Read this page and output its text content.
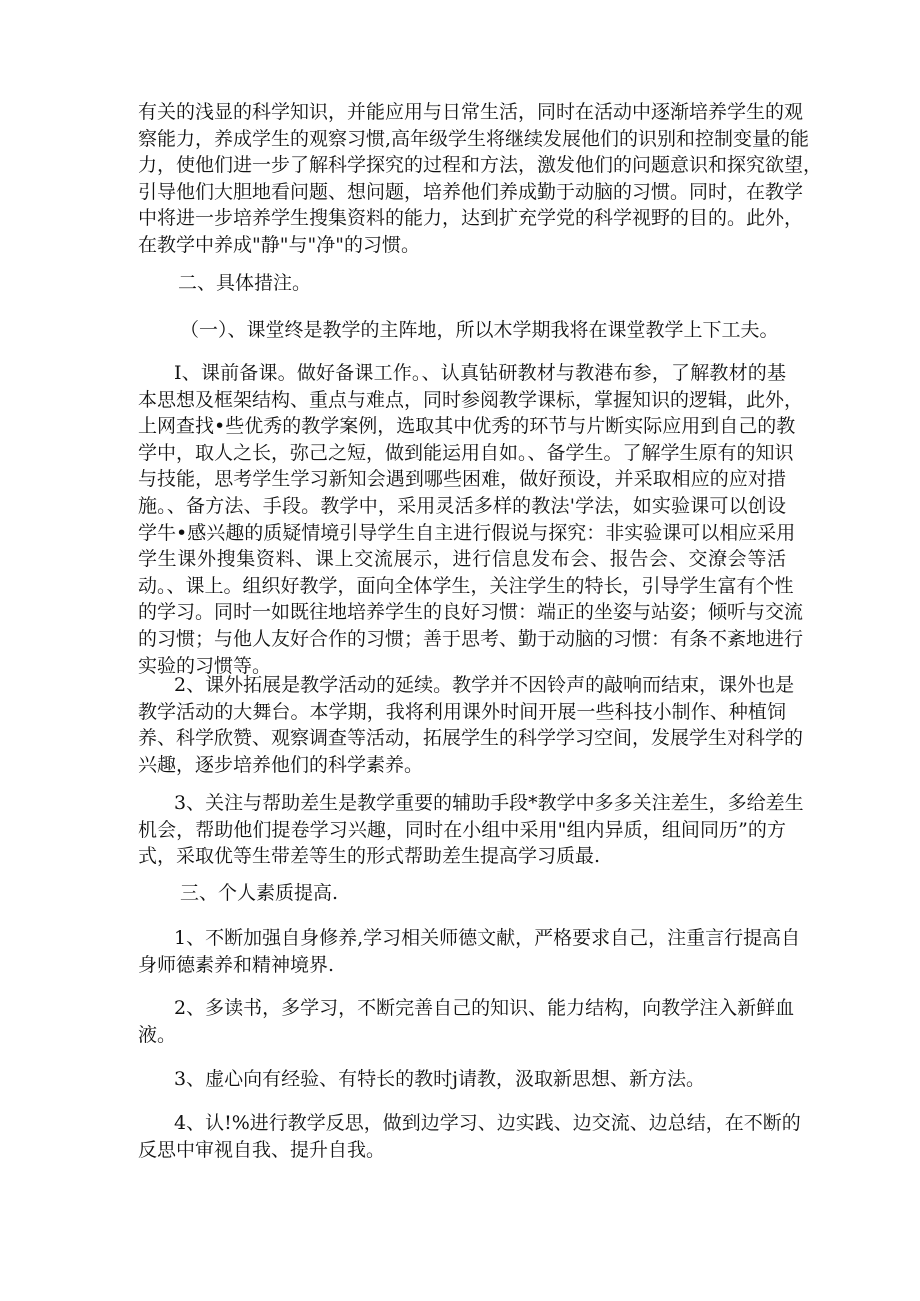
有关的浅显的科学知识，并能应用与日常生活，同时在活动中逐渐培养学生的观
察能力，养成学生的观察习惯,高年级学生将继续发展他们的识别和控制变量的能
力，使他们进一步了解科学探究的过程和方法，激发他们的问题意识和探究欲望，
引导他们大胆地看问题、想问题，培养他们养成勤于动脑的习惯。同时，在教学
中将进一步培养学生搜集资料的能力，达到扩充学党的科学视野的目的。此外，
在教学中养成"静"与"净"的习惯。
二、具体措注。
（一）、课堂终是教学的主阵地，所以木学期我将在课堂教学上下工夫。
I、课前备课。做好备课工作。、认真钻研教材与教港布参，了解教材的基
本思想及框架结构、重点与难点，同时参阅教学课标，掌握知识的逻辑，此外，
上网查找•些优秀的教学案例，选取其中优秀的环节与片断实际应用到自己的教
学中，取人之长，弥己之短，做到能运用自如。、备学生。了解学生原有的知识
与技能，思考学生学习新知会遇到哪些困难，做好预设，并采取相应的应对措
施。、备方法、手段。教学中，采用灵活多样的教法'学法，如实验课可以创设
学牛•感兴趣的质疑情境引导学生自主进行假说与探究：非实验课可以相应采用
学生课外搜集资料、课上交流展示，进行信息发布会、报告会、交潦会等活
动。、课上。组织好教学，面向全体学生，关注学生的特长，引导学生富有个性
的学习。同时一如既往地培养学生的良好习惯：端正的坐姿与站姿；倾听与交流
的习惯；与他人友好合作的习惯；善于思考、勤于动脑的习惯：有条不紊地进行
实验的习惯等。
2、课外拓展是教学活动的延续。教学并不因铃声的敲响而结束，课外也是
教学活动的大舞台。本学期，我将利用课外时间开展一些科技小制作、种植饲
养、科学欣赞、观察调查等活动，拓展学生的科学学习空间，发展学生对科学的
兴趣，逐步培养他们的科学素养。
3、关注与帮助差生是教学重要的辅助手段*教学中多多关注差生，多给差生
机会，帮助他们提卷学习兴趣，同时在小组中采用"组内异质，组间同历”的方
式，采取优等生带差等生的形式帮助差生提高学习质最.
三、个人素质提高.
1、不断加强自身修养,学习相关师德文献，严格要求自己，注重言行提高自
身师德素养和精神境界.
2、多读书，多学习，不断完善自己的知识、能力结构，向教学注入新鲜血
液。
3、虚心向有经验、有特长的教时j请教，汲取新思想、新方法。
4、认!%进行教学反思，做到边学习、边实践、边交流、边总结，在不断的
反思中审视自我、提升自我。
